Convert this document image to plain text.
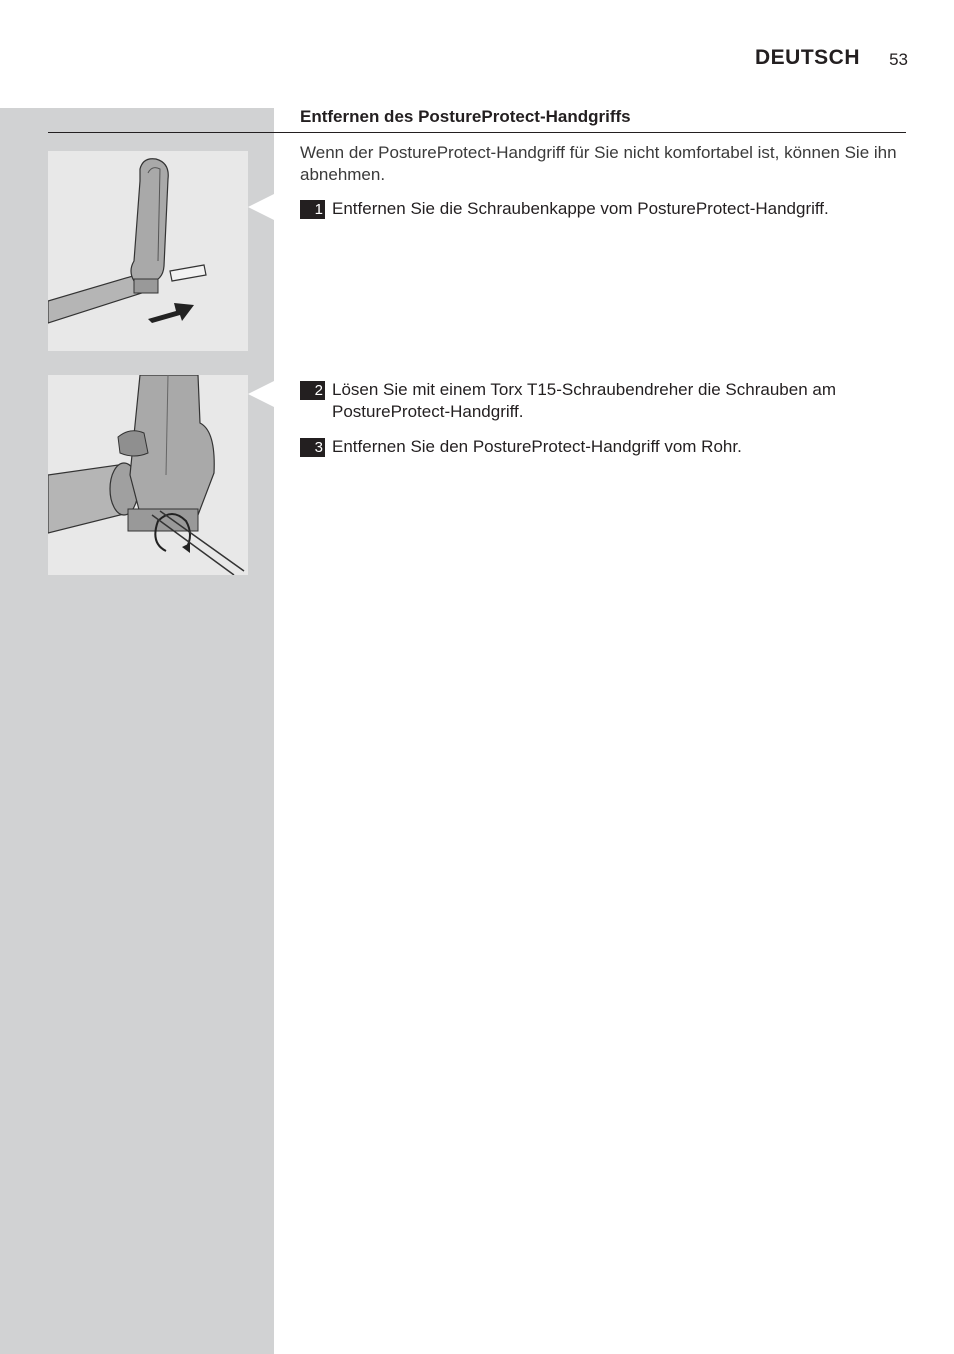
DEUTSCH	53
Entfernen des PostureProtect-Handgriffs
Wenn der PostureProtect-Handgriff für Sie nicht komfortabel ist, können Sie ihn abnehmen.
1 Entfernen Sie die Schraubenkappe vom PostureProtect-Handgriff.
2 Lösen Sie mit einem Torx T15-Schraubendreher die Schrauben am PostureProtect-Handgriff.
3 Entfernen Sie den PostureProtect-Handgriff vom Rohr.
